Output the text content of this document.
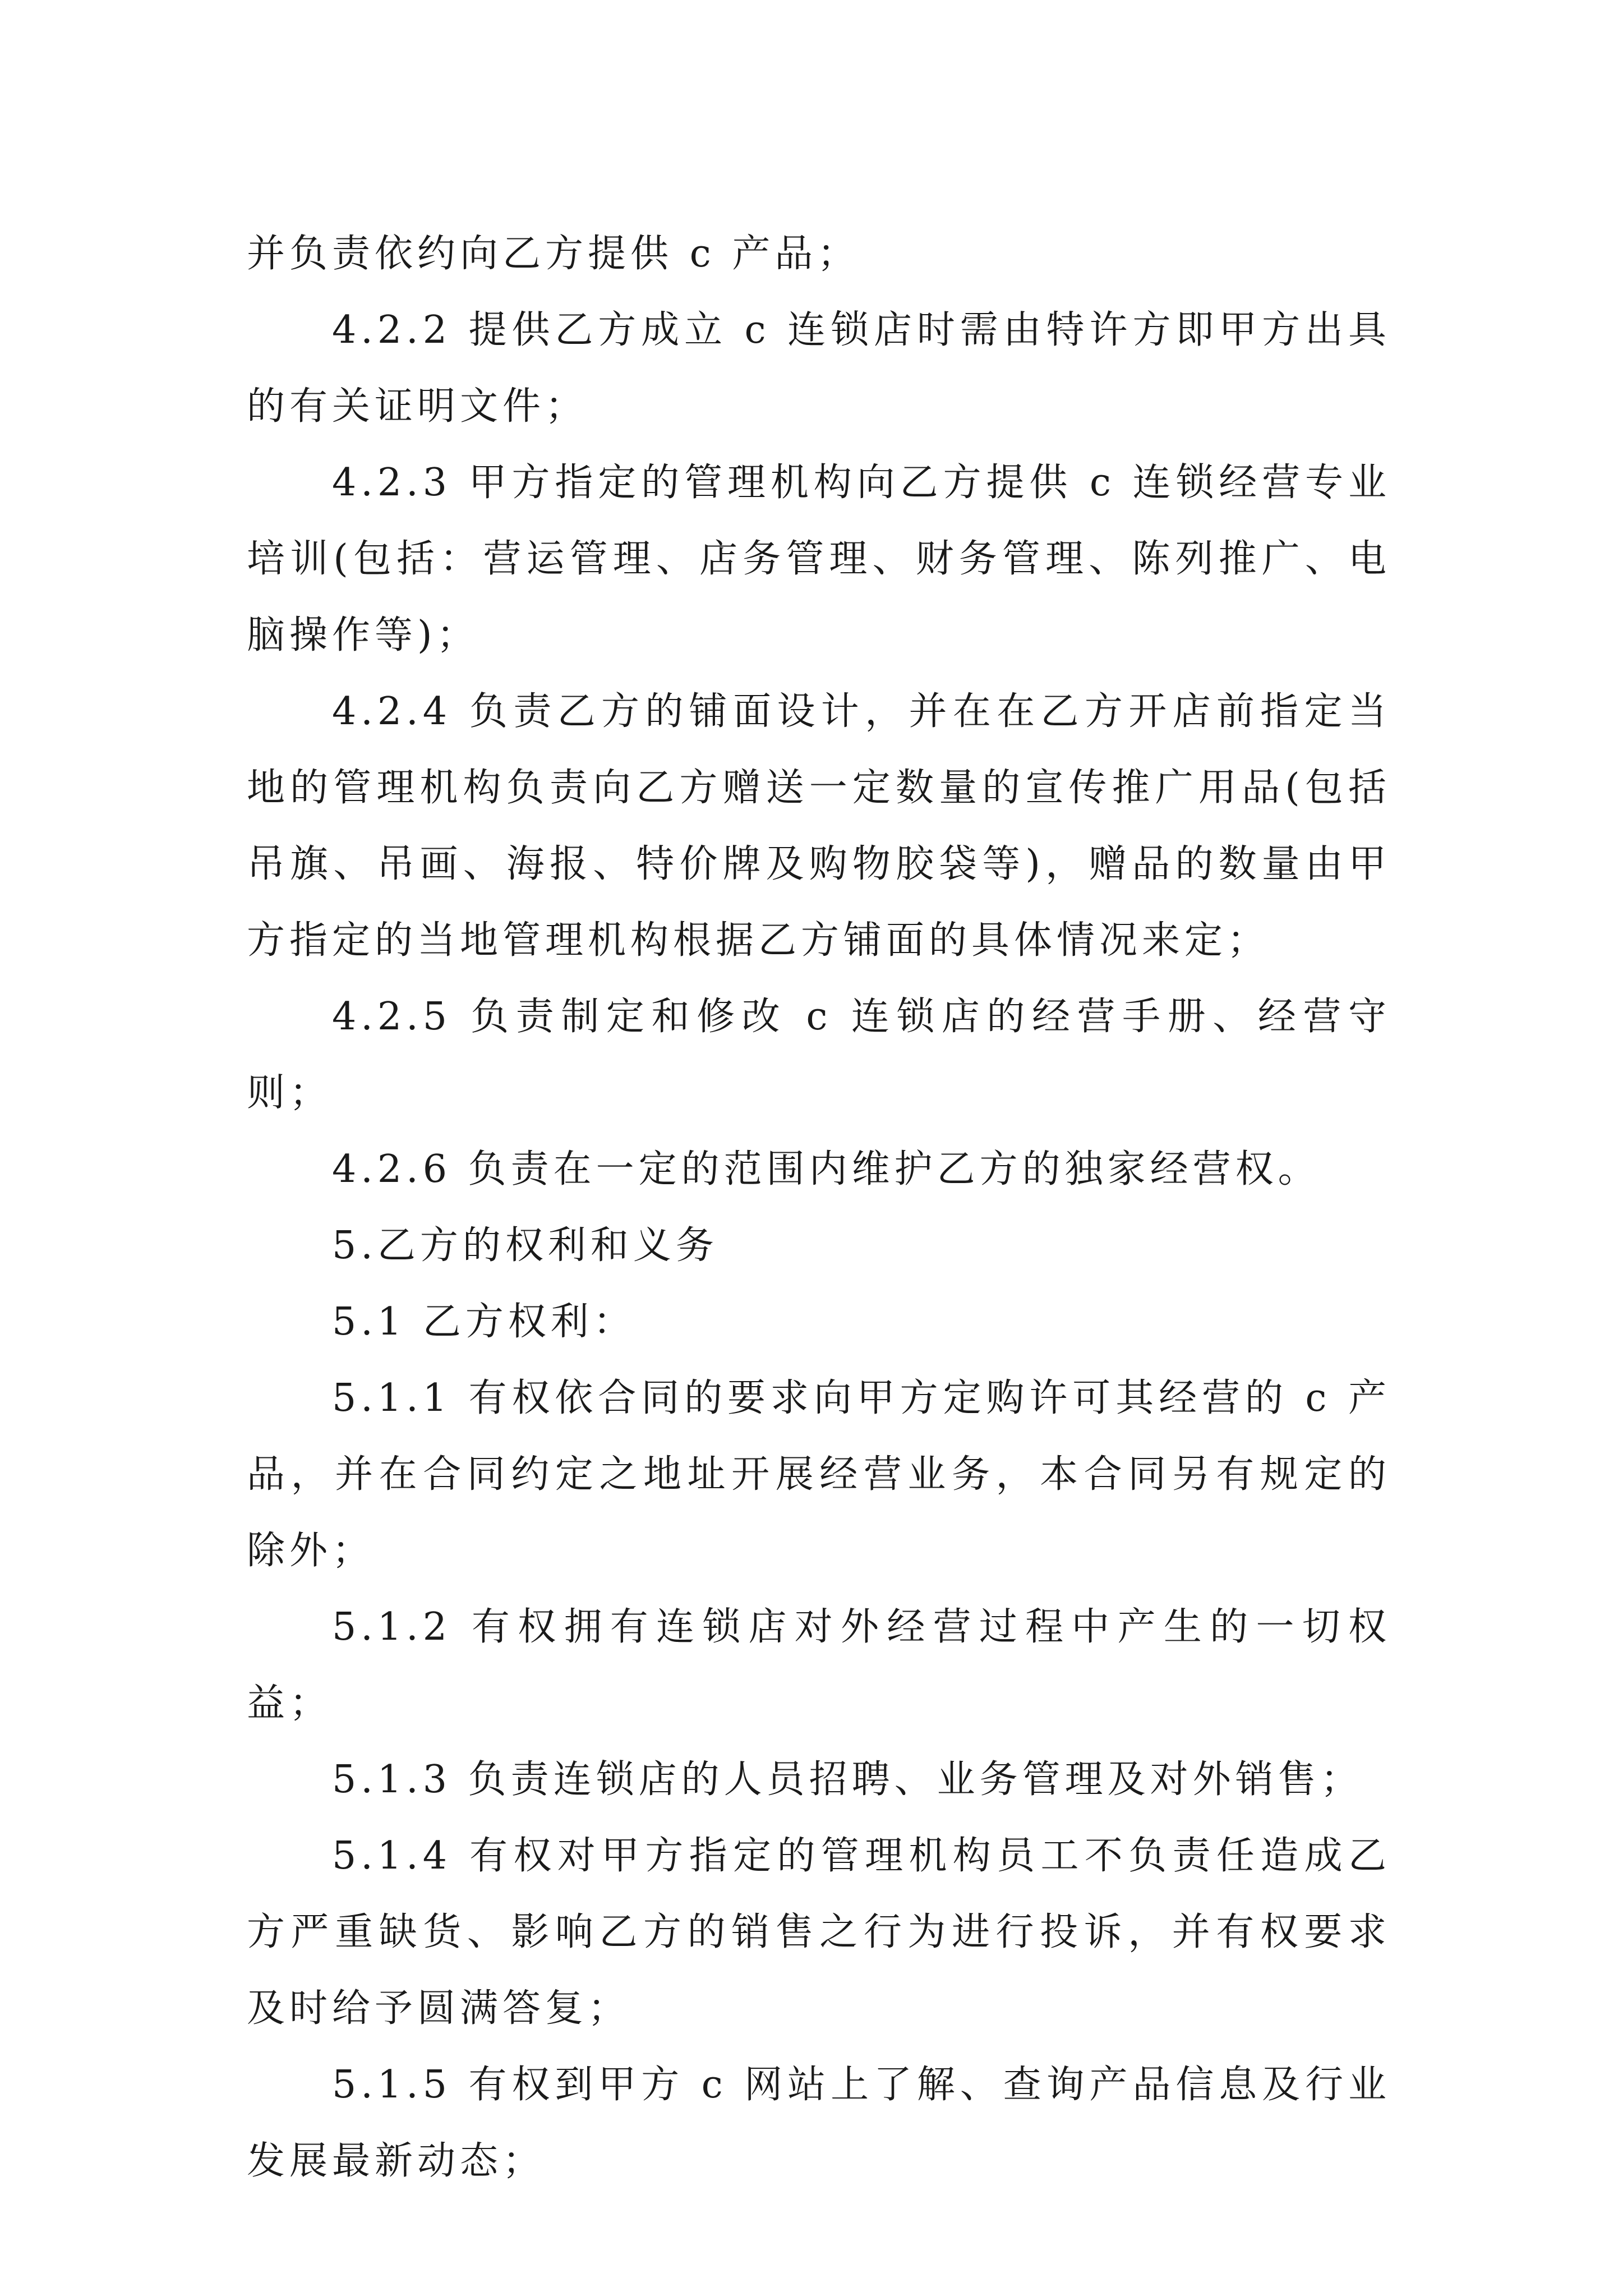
并负责依约向乙方提供 c 产品；

4.2.2 提供乙方成立 c 连锁店时需由特许方即甲方出具的有关证明文件；

4.2.3 甲方指定的管理机构向乙方提供 c 连锁经营专业培训(包括：营运管理、店务管理、财务管理、陈列推广、电脑操作等)；

4.2.4 负责乙方的铺面设计，并在在乙方开店前指定当地的管理机构负责向乙方赠送一定数量的宣传推广用品(包括吊旗、吊画、海报、特价牌及购物胶袋等)，赠品的数量由甲方指定的当地管理机构根据乙方铺面的具体情况来定；

4.2.5 负责制定和修改 c 连锁店的经营手册、经营守则；

4.2.6 负责在一定的范围内维护乙方的独家经营权。

5.乙方的权利和义务

5.1 乙方权利：

5.1.1 有权依合同的要求向甲方定购许可其经营的 c 产品，并在合同约定之地址开展经营业务，本合同另有规定的除外；

5.1.2 有权拥有连锁店对外经营过程中产生的一切权益；

5.1.3 负责连锁店的人员招聘、业务管理及对外销售；

5.1.4 有权对甲方指定的管理机构员工不负责任造成乙方严重缺货、影响乙方的销售之行为进行投诉，并有权要求及时给予圆满答复；

5.1.5 有权到甲方 c 网站上了解、查询产品信息及行业发展最新动态；
